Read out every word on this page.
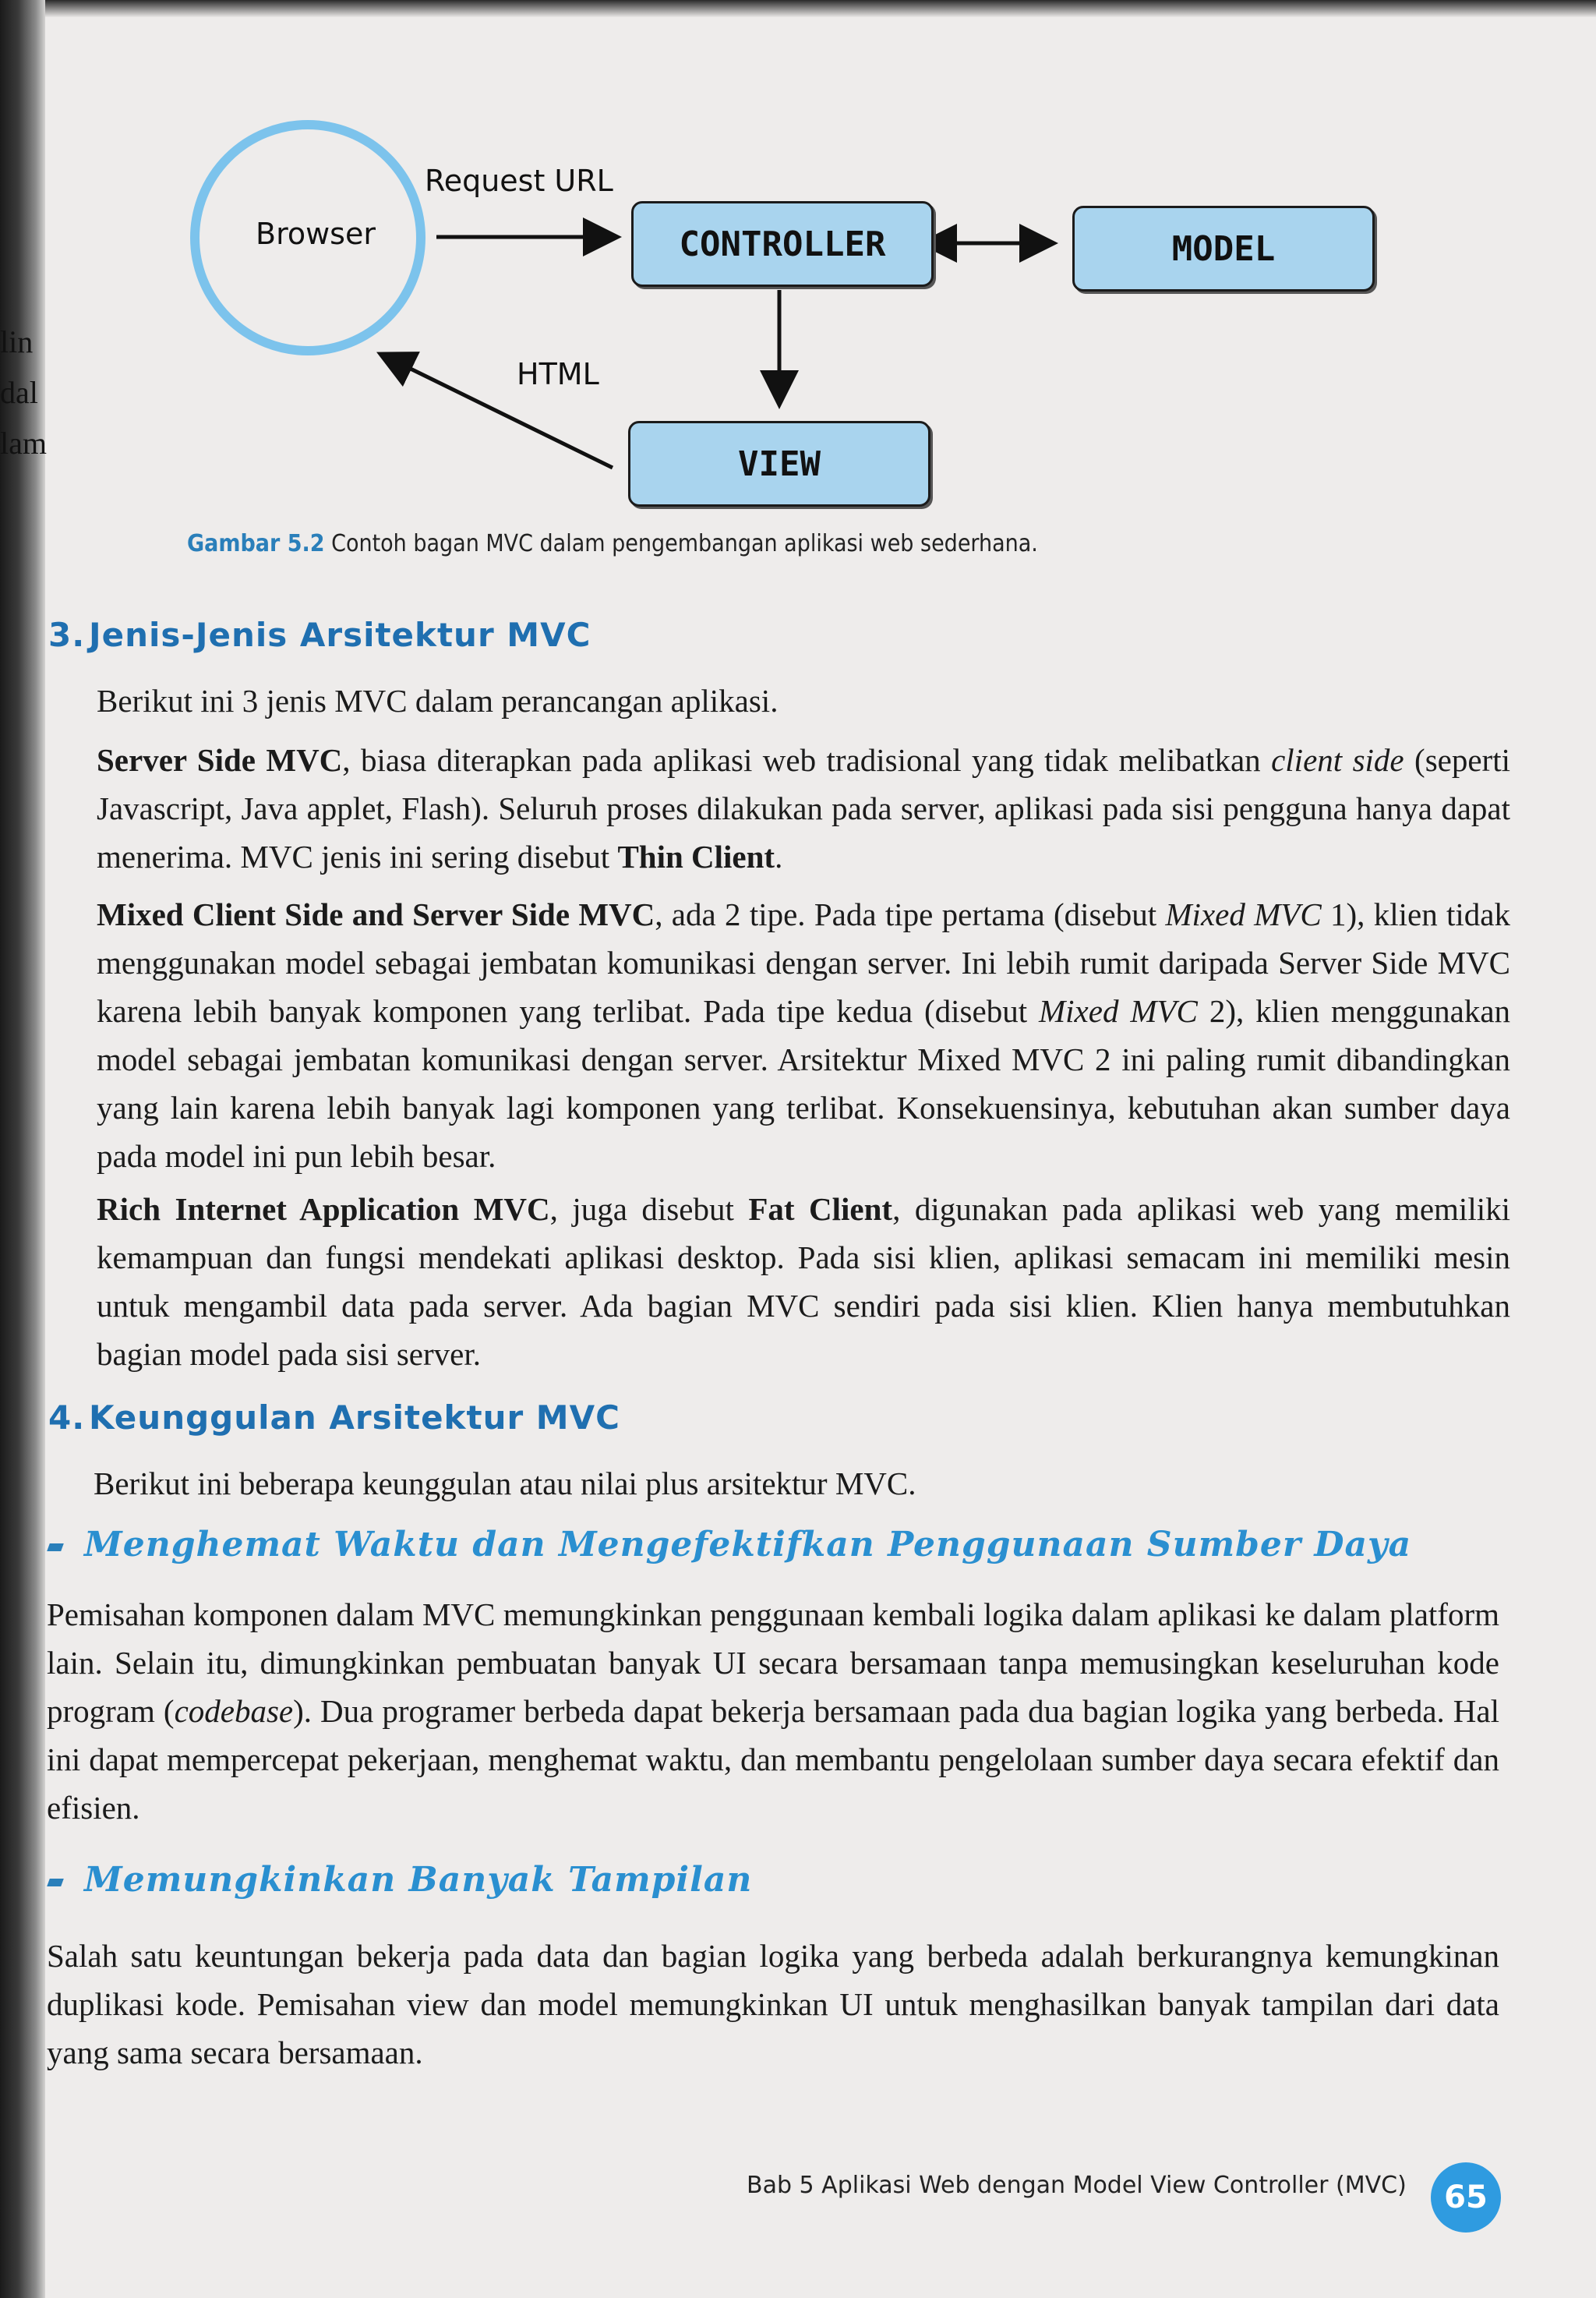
lin
dal
lam
Browser
Request URL
HTML
CONTROLLER	MODEL
VIEW
Gambar 5.2 Contoh bagan MVC dalam pengembangan aplikasi web sederhana.
3. Jenis-Jenis Arsitektur MVC
Berikut ini 3 jenis MVC dalam perancangan aplikasi.
Server Side MVC, biasa diterapkan pada aplikasi web tradisional yang tidak melibatkan client side (seperti Javascript, Java applet, Flash). Seluruh proses dilakukan pada server, aplikasi pada sisi pengguna hanya dapat menerima. MVC jenis ini sering disebut Thin Client.
Mixed Client Side and Server Side MVC, ada 2 tipe. Pada tipe pertama (disebut Mixed MVC 1), klien tidak menggunakan model sebagai jembatan komunikasi dengan server. Ini lebih rumit daripada Server Side MVC karena lebih banyak komponen yang terlibat. Pada tipe kedua (disebut Mixed MVC 2), klien menggunakan model sebagai jembatan komunikasi dengan server. Arsitektur Mixed MVC 2 ini paling rumit dibandingkan yang lain karena lebih banyak lagi komponen yang terlibat. Konsekuensinya, kebutuhan akan sumber daya pada model ini pun lebih besar.
Rich Internet Application MVC, juga disebut Fat Client, digunakan pada aplikasi web yang memiliki kemampuan dan fungsi mendekati aplikasi desktop. Pada sisi klien, aplikasi semacam ini memiliki mesin untuk mengambil data pada server. Ada bagian MVC sendiri pada sisi klien. Klien hanya membutuhkan bagian model pada sisi server.
4. Keunggulan Arsitektur MVC
Berikut ini beberapa keunggulan atau nilai plus arsitektur MVC.
Menghemat Waktu dan Mengefektifkan Penggunaan Sumber Daya
Pemisahan komponen dalam MVC memungkinkan penggunaan kembali logika dalam aplikasi ke dalam platform lain. Selain itu, dimungkinkan pembuatan banyak UI secara bersamaan tanpa memusingkan keseluruhan kode program (codebase). Dua programer berbeda dapat bekerja bersamaan pada dua bagian logika yang berbeda. Hal ini dapat mempercepat pekerjaan, menghemat waktu, dan membantu pengelolaan sumber daya secara efektif dan efisien.
Memungkinkan Banyak Tampilan
Salah satu keuntungan bekerja pada data dan bagian logika yang berbeda adalah berkurangnya kemungkinan duplikasi kode. Pemisahan view dan model memungkinkan UI untuk menghasilkan banyak tampilan dari data yang sama secara bersamaan.
Bab 5 Aplikasi Web dengan Model View Controller (MVC)	65
